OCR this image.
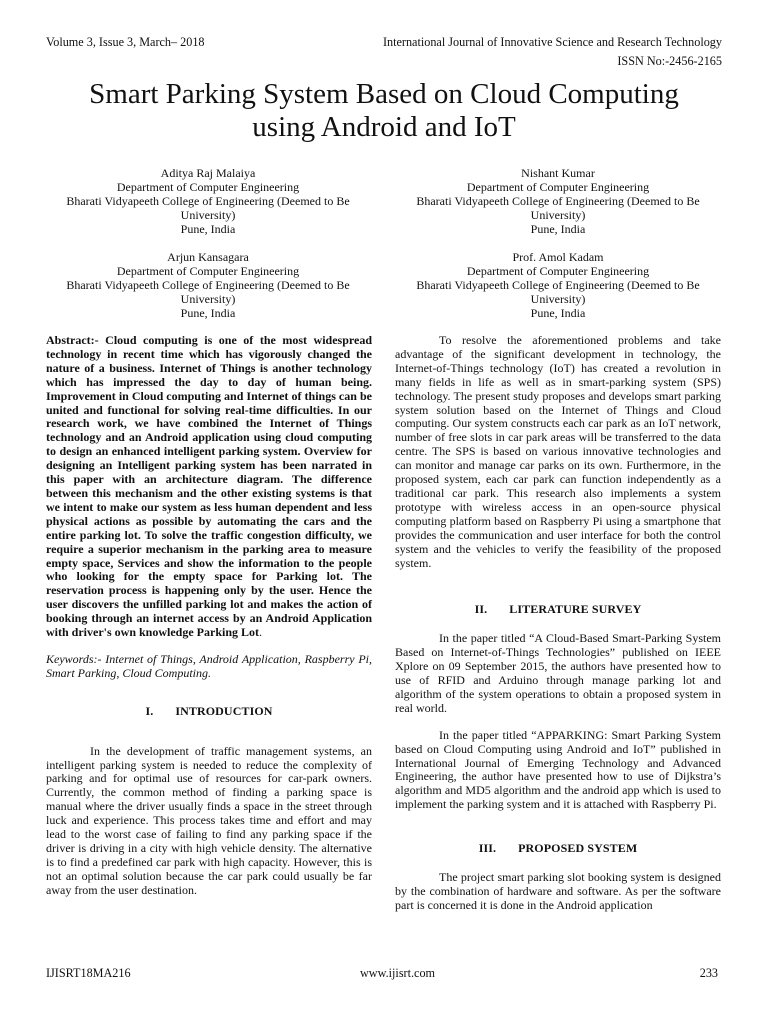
Volume 3, Issue 3, March– 2018	International Journal of Innovative Science and Research Technology
ISSN No:-2456-2165
Smart Parking System Based on Cloud Computing
using Android and IoT
Aditya Raj Malaiya
Department of Computer Engineering
Bharati Vidyapeeth College of Engineering (Deemed to Be
University)
Pune, India
Nishant Kumar
Department of Computer Engineering
Bharati Vidyapeeth College of Engineering (Deemed to Be
University)
Pune, India
Arjun Kansagara
Department of Computer Engineering
Bharati Vidyapeeth College of Engineering (Deemed to Be
University)
Pune, India
Prof. Amol Kadam
Department of Computer Engineering
Bharati Vidyapeeth College of Engineering (Deemed to Be
University)
Pune, India

Abstract:- Cloud computing is one of the most widespread technology in recent time which has vigorously changed the nature of a business. Internet of Things is another technology which has impressed the day to day of human being. Improvement in Cloud computing and Internet of things can be united and functional for solving real-time difficulties. In our research work, we have combined the Internet of Things technology and an Android application using cloud computing to design an enhanced intelligent parking system. Overview for designing an Intelligent parking system has been narrated in this paper with an architecture diagram. The difference between this mechanism and the other existing systems is that we intent to make our system as less human dependent and less physical actions as possible by automating the cars and the entire parking lot. To solve the traffic congestion difficulty, we require a superior mechanism in the parking area to measure empty space, Services and show the information to the people who looking for the empty space for Parking lot. The reservation process is happening only by the user. Hence the user discovers the unfilled parking lot and makes the action of booking through an internet access by an Android Application with driver's own knowledge Parking Lot.

Keywords:- Internet of Things, Android Application, Raspberry Pi, Smart Parking, Cloud Computing.

I. INTRODUCTION

In the development of traffic management systems, an intelligent parking system is needed to reduce the complexity of parking and for optimal use of resources for car-park owners. Currently, the common method of finding a parking space is manual where the driver usually finds a space in the street through luck and experience. This process takes time and effort and may lead to the worst case of failing to find any parking space if the driver is driving in a city with high vehicle density. The alternative is to find a predefined car park with high capacity. However, this is not an optimal solution because the car park could usually be far away from the user destination.

To resolve the aforementioned problems and take advantage of the significant development in technology, the Internet-of-Things technology (IoT) has created a revolution in many fields in life as well as in smart-parking system (SPS) technology. The present study proposes and develops smart parking system solution based on the Internet of Things and Cloud computing. Our system constructs each car park as an IoT network, number of free slots in car park areas will be transferred to the data centre. The SPS is based on various innovative technologies and can monitor and manage car parks on its own. Furthermore, in the proposed system, each car park can function independently as a traditional car park. This research also implements a system prototype with wireless access in an open-source physical computing platform based on Raspberry Pi using a smartphone that provides the communication and user interface for both the control system and the vehicles to verify the feasibility of the proposed system.

II. LITERATURE SURVEY

In the paper titled “A Cloud-Based Smart-Parking System Based on Internet-of-Things Technologies” published on IEEE Xplore on 09 September 2015, the authors have presented how to use of RFID and Arduino through manage parking lot and algorithm of the system operations to obtain a proposed system in real world.

In the paper titled “APPARKING: Smart Parking System based on Cloud Computing using Android and IoT” published in International Journal of Emerging Technology and Advanced Engineering, the author have presented how to use of Dijkstra’s algorithm and MD5 algorithm and the android app which is used to implement the parking system and it is attached with Raspberry Pi.

III. PROPOSED SYSTEM

The project smart parking slot booking system is designed by the combination of hardware and software. As per the software part is concerned it is done in the Android application

IJISRT18MA216	www.ijisrt.com	233
